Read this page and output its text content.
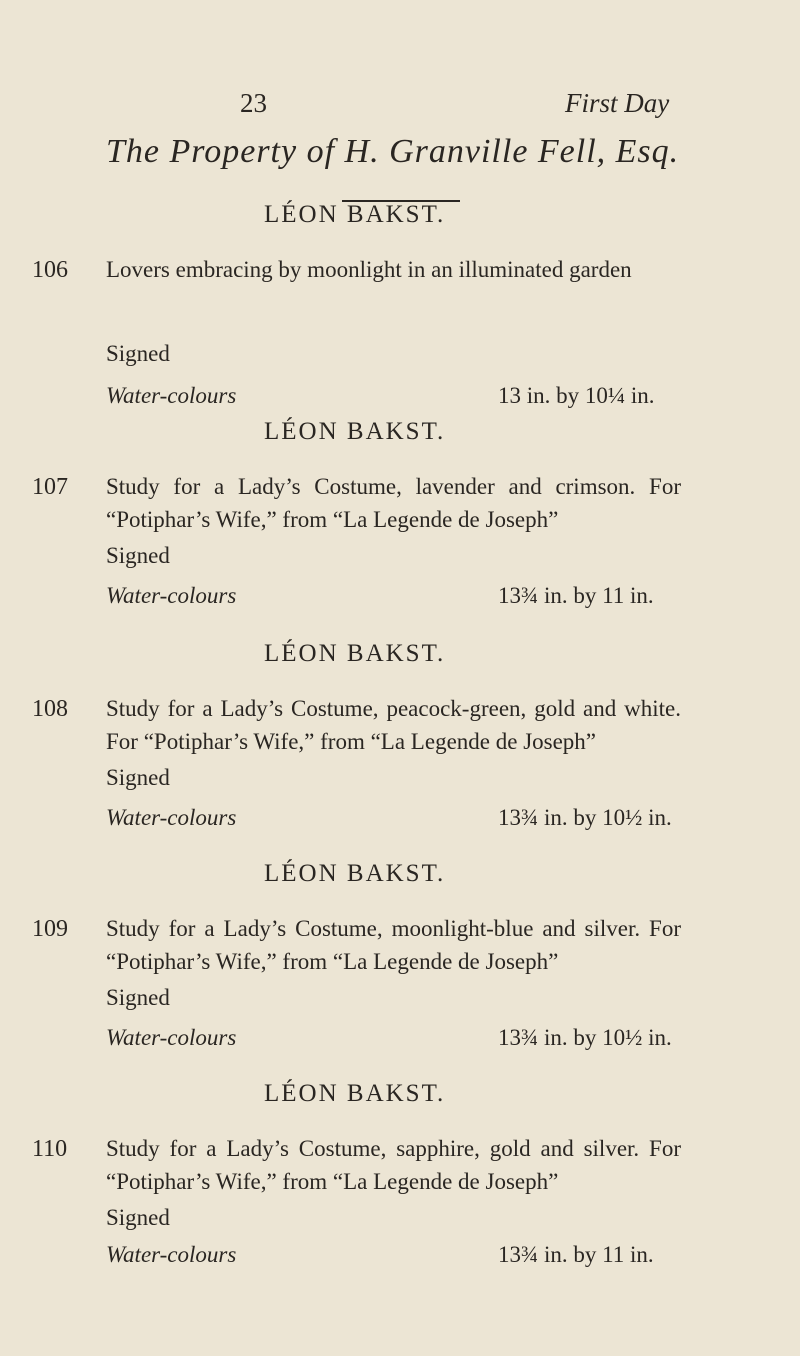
23	First Day
The Property of H. Granville Fell, Esq.
LÉON BAKST.
106 Lovers embracing by moonlight in an illuminated garden
Signed
Water-colours	13 in. by 10¼ in.
LÉON BAKST.
107 Study for a Lady’s Costume, lavender and crimson. For “Potiphar’s Wife,” from “La Legende de Joseph”
Signed
Water-colours	13¾ in. by 11 in.
LÉON BAKST.
108 Study for a Lady’s Costume, peacock-green, gold and white. For “Potiphar’s Wife,” from “La Legende de Joseph”
Signed
Water-colours	13¾ in. by 10½ in.
LÉON BAKST.
109 Study for a Lady’s Costume, moonlight-blue and silver. For “Potiphar’s Wife,” from “La Legende de Joseph”
Signed
Water-colours	13¾ in. by 10½ in.
LÉON BAKST.
110 Study for a Lady’s Costume, sapphire, gold and silver. For “Potiphar’s Wife,” from “La Legende de Joseph”
Signed
Water-colours	13¾ in. by 11 in.
